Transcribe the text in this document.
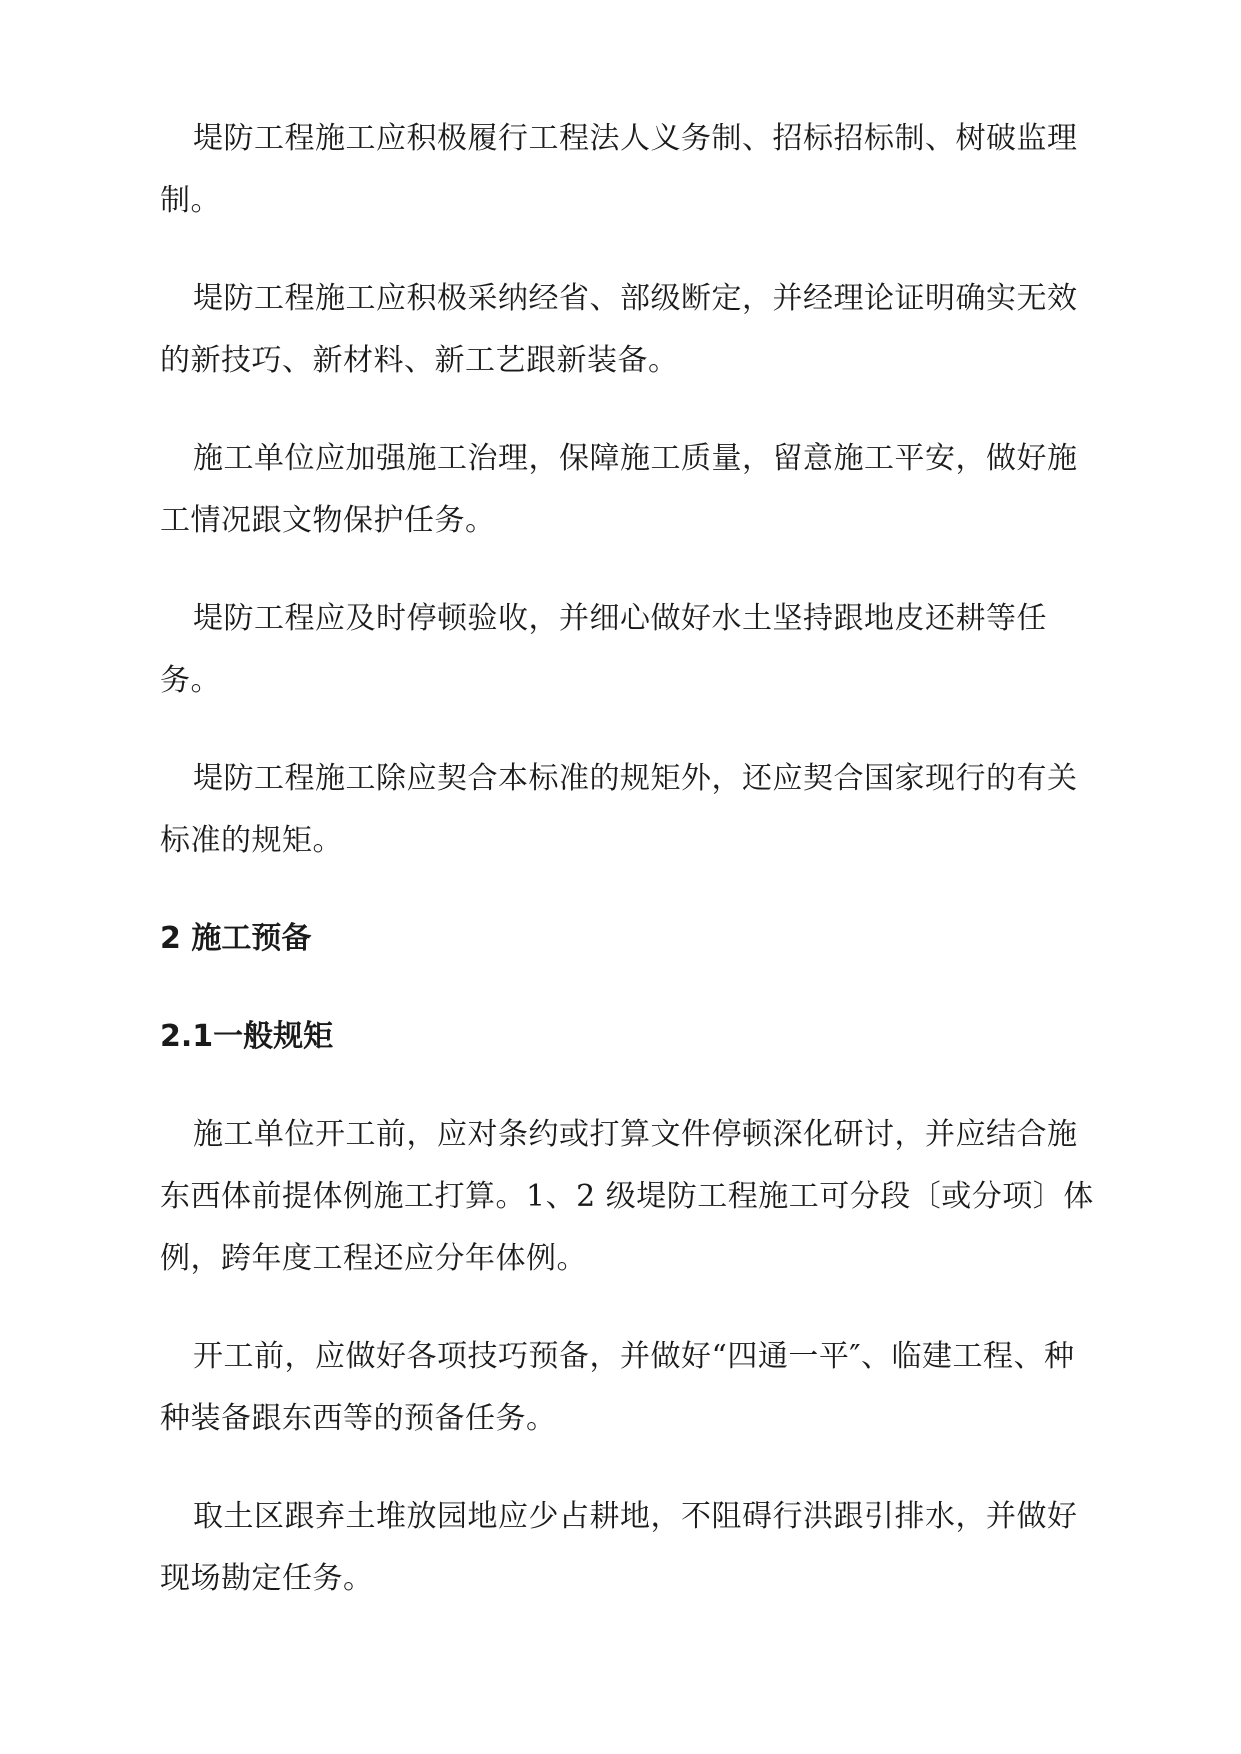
堤防工程施工应积极履行工程法人义务制、招标招标制、树破监理制。

堤防工程施工应积极采纳经省、部级断定，并经理论证明确实无效的新技巧、新材料、新工艺跟新装备。

施工单位应加强施工治理，保障施工质量，留意施工平安，做好施工情况跟文物保护任务。

堤防工程应及时停顿验收，并细心做好水土坚持跟地皮还耕等任务。

堤防工程施工除应契合本标准的规矩外，还应契合国家现行的有关标准的规矩。

2 施工预备
2.1一般规矩

施工单位开工前，应对条约或打算文件停顿深化研讨，并应结合施东西体前提体例施工打算。1、2 级堤防工程施工可分段〔或分项〕体例，跨年度工程还应分年体例。

开工前，应做好各项技巧预备，并做好“四通一平″、临建工程、种种装备跟东西等的预备任务。

取土区跟弃土堆放园地应少占耕地，不阻碍行洪跟引排水，并做好现场勘定任务。
